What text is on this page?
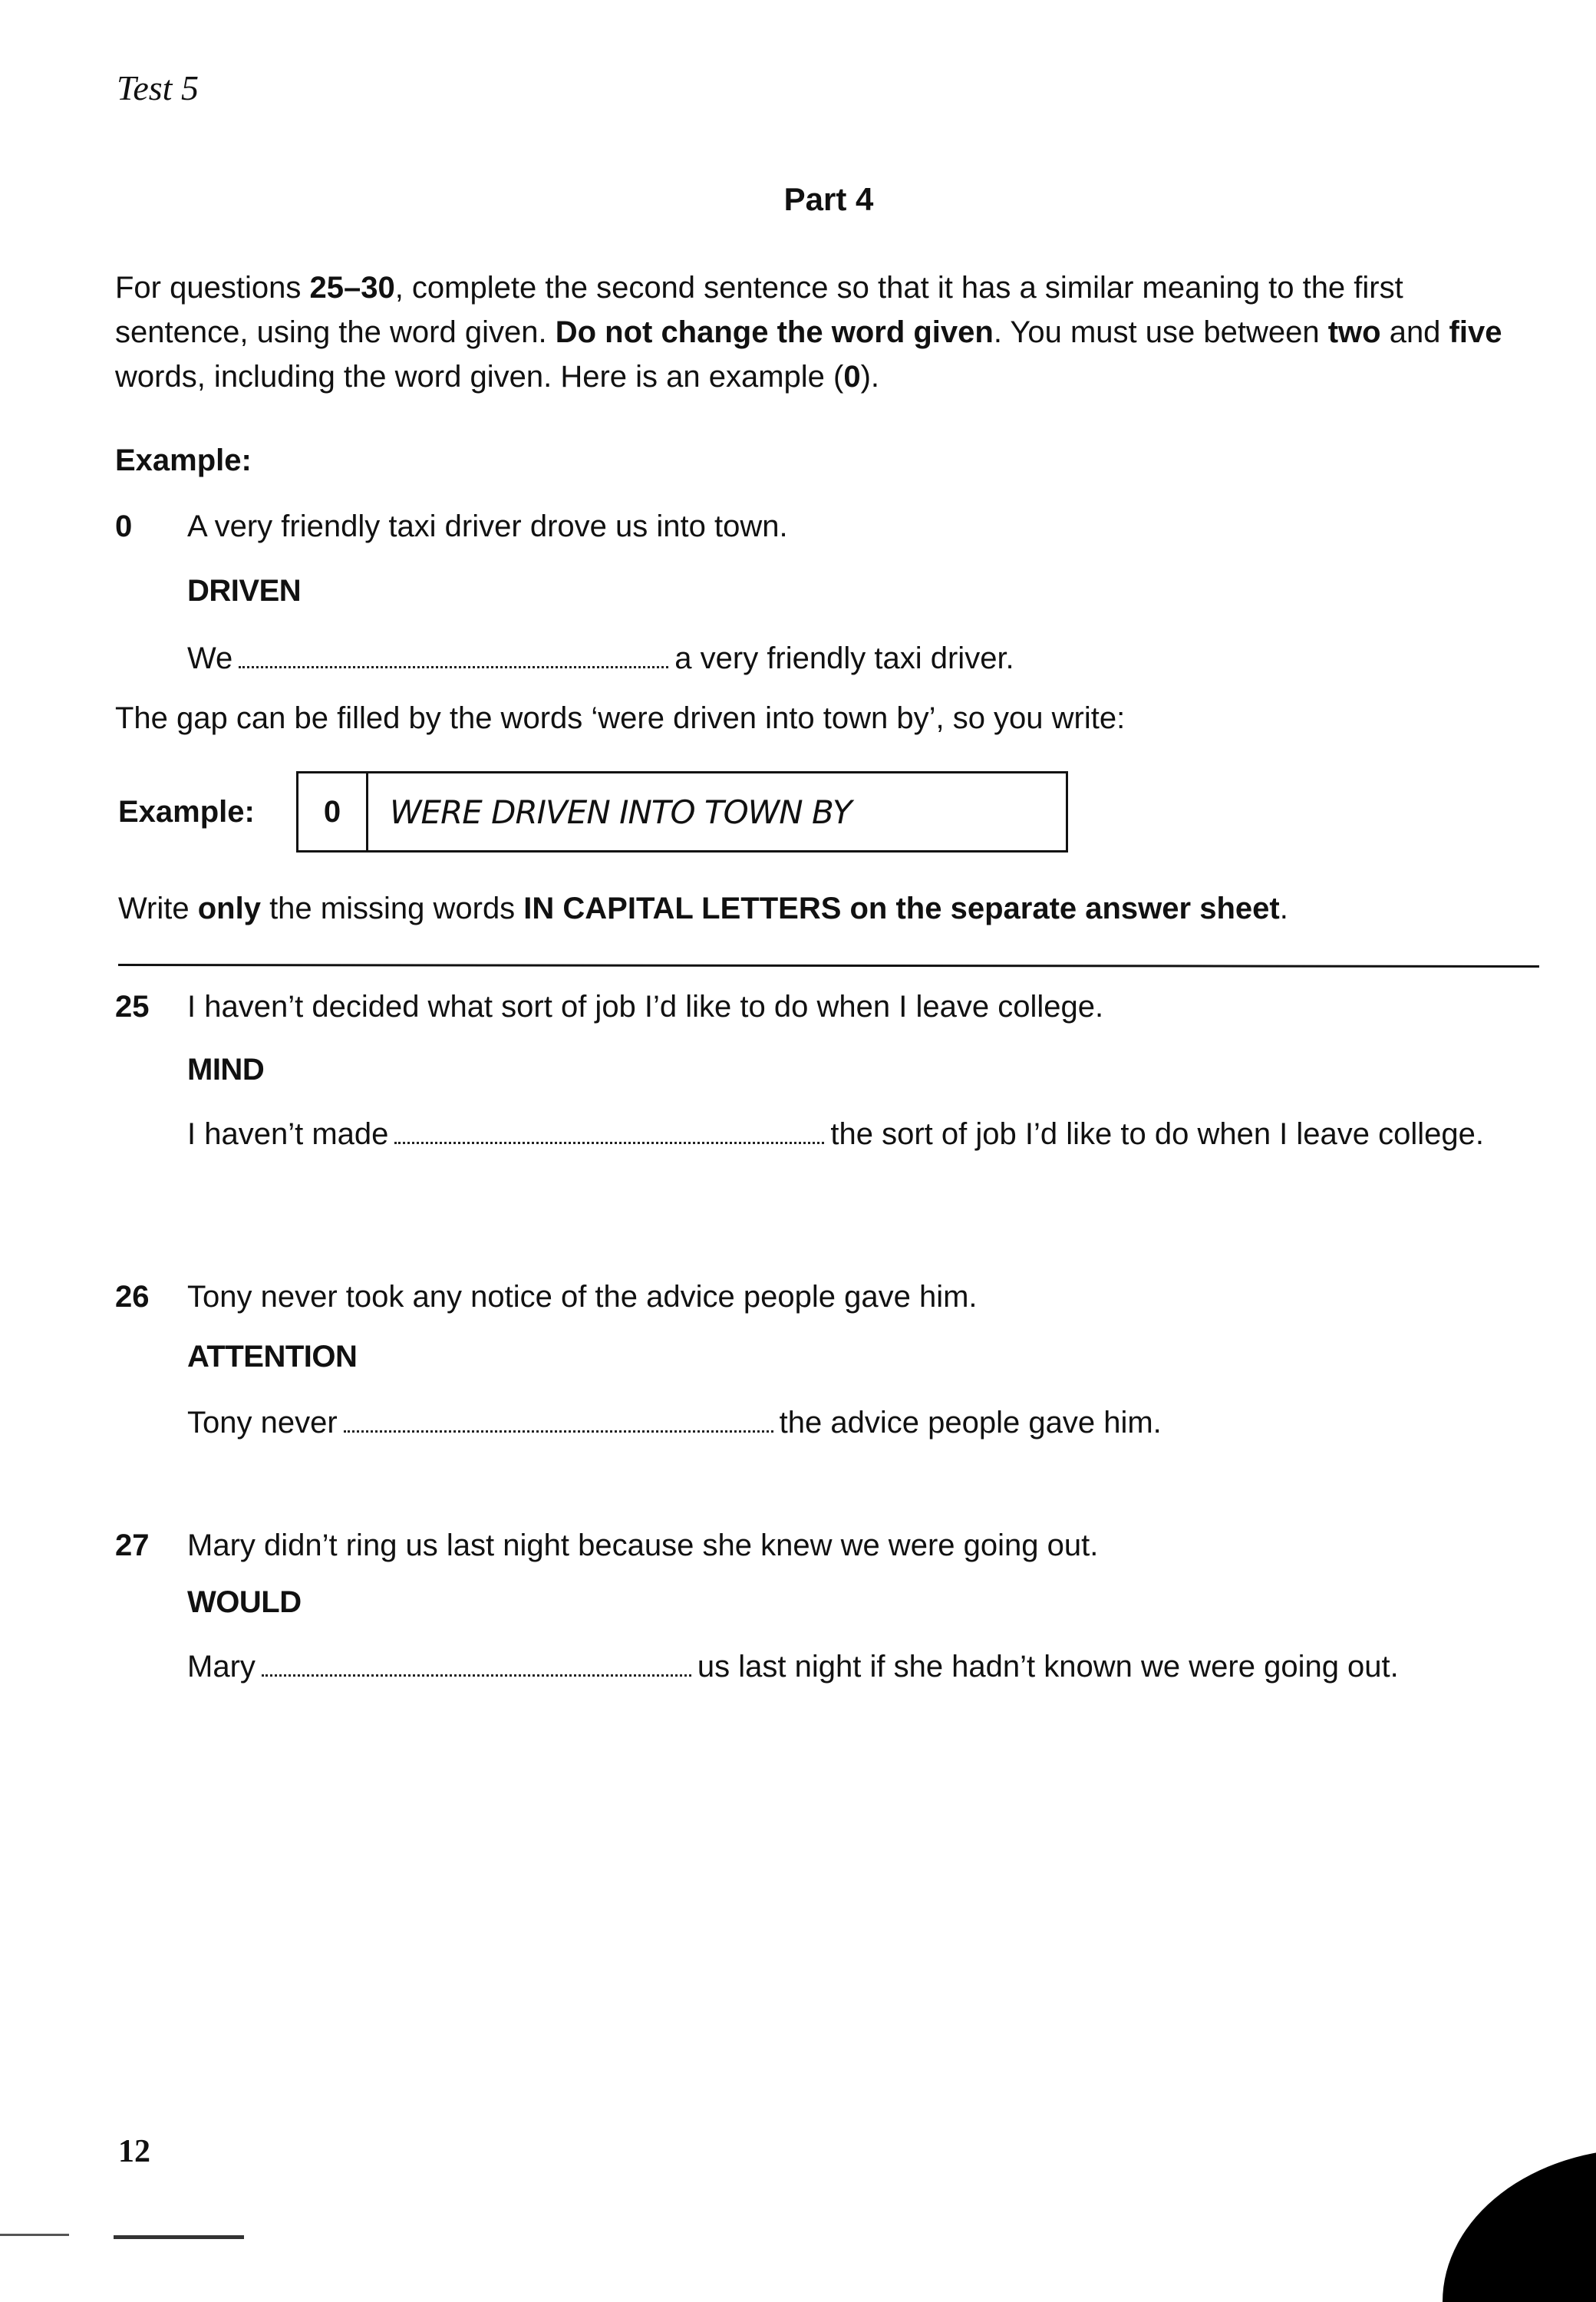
Test 5
Part 4
For questions 25–30, complete the second sentence so that it has a similar meaning to the first sentence, using the word given. Do not change the word given. You must use between two and five words, including the word given. Here is an example (0).
Example:
0	A very friendly taxi driver drove us into town.
DRIVEN
We	a very friendly taxi driver.
The gap can be filled by the words ‘were driven into town by’, so you write:
Example:	0	WERE DRIVEN INTO TOWN BY
Write only the missing words IN CAPITAL LETTERS on the separate answer sheet.
25	I haven’t decided what sort of job I’d like to do when I leave college.
MIND
I haven’t made	the sort of job I’d like to do when I leave college.
26	Tony never took any notice of the advice people gave him.
ATTENTION
Tony never	the advice people gave him.
27	Mary didn’t ring us last night because she knew we were going out.
WOULD
Mary	us last night if she hadn’t known we were going out.
12
